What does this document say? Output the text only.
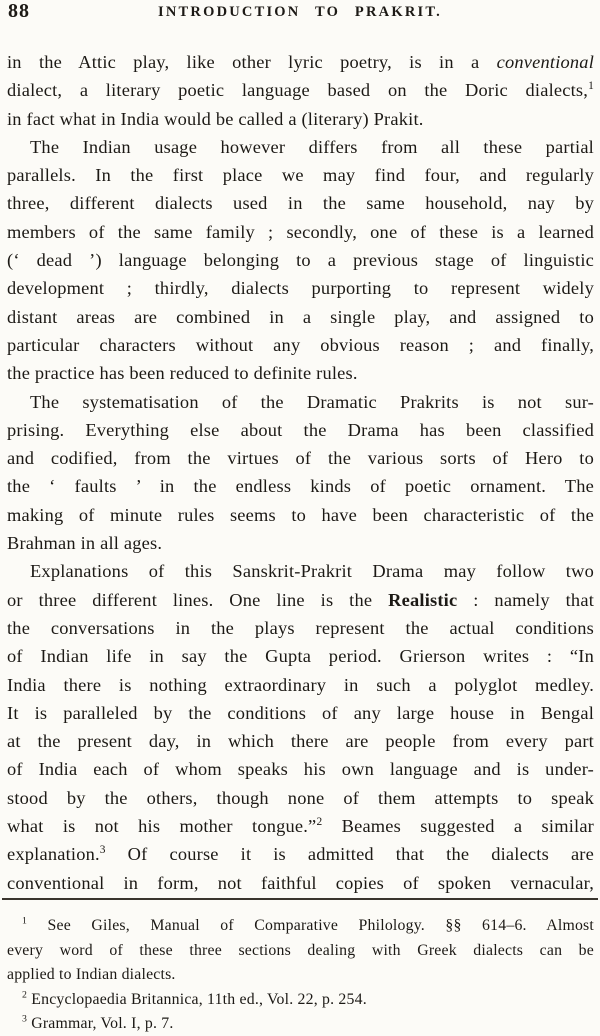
88	INTRODUCTION TO PRAKRIT.
in the Attic play, like other lyric poetry, is in a conventional
dialect, a literary poetic language based on the Doric dialects,$^1$
in fact what in India would be called a (literary) Prakit.
The Indian usage however differs from all these partial
parallels. In the first place we may find four, and regularly
three, different dialects used in the same household, nay by
members of the same family ; secondly, one of these is a learned
(‘ dead ’) language belonging to a previous stage of linguistic
development ; thirdly, dialects purporting to represent widely
distant areas are combined in a single play, and assigned to
particular characters without any obvious reason ; and finally,
the practice has been reduced to definite rules.
The systematisation of the Dramatic Prakrits is not sur-
prising. Everything else about the Drama has been classified
and codified, from the virtues of the various sorts of Hero to
the ‘ faults ’ in the endless kinds of poetic ornament. The
making of minute rules seems to have been characteristic of the
Brahman in all ages.
Explanations of this Sanskrit-Prakrit Drama may follow two
or three different lines. One line is the Realistic : namely that
the conversations in the plays represent the actual conditions
of Indian life in say the Gupta period. Grierson writes : “In
India there is nothing extraordinary in such a polyglot medley.
It is paralleled by the conditions of any large house in Bengal
at the present day, in which there are people from every part
of India each of whom speaks his own language and is under-
stood by the others, though none of them attempts to speak
what is not his mother tongue.”$^2$ Beames suggested a similar
explanation.$^3$ Of course it is admitted that the dialects are
conventional in form, not faithful copies of spoken vernacular,
$^1$ See Giles, Manual of Comparative Philology. §§ 614–6. Almost
every word of these three sections dealing with Greek dialects can be
applied to Indian dialects.
$^2$ Encyclopaedia Britannica, 11th ed., Vol. 22, p. 254.
$^3$ Grammar, Vol. I, p. 7.
